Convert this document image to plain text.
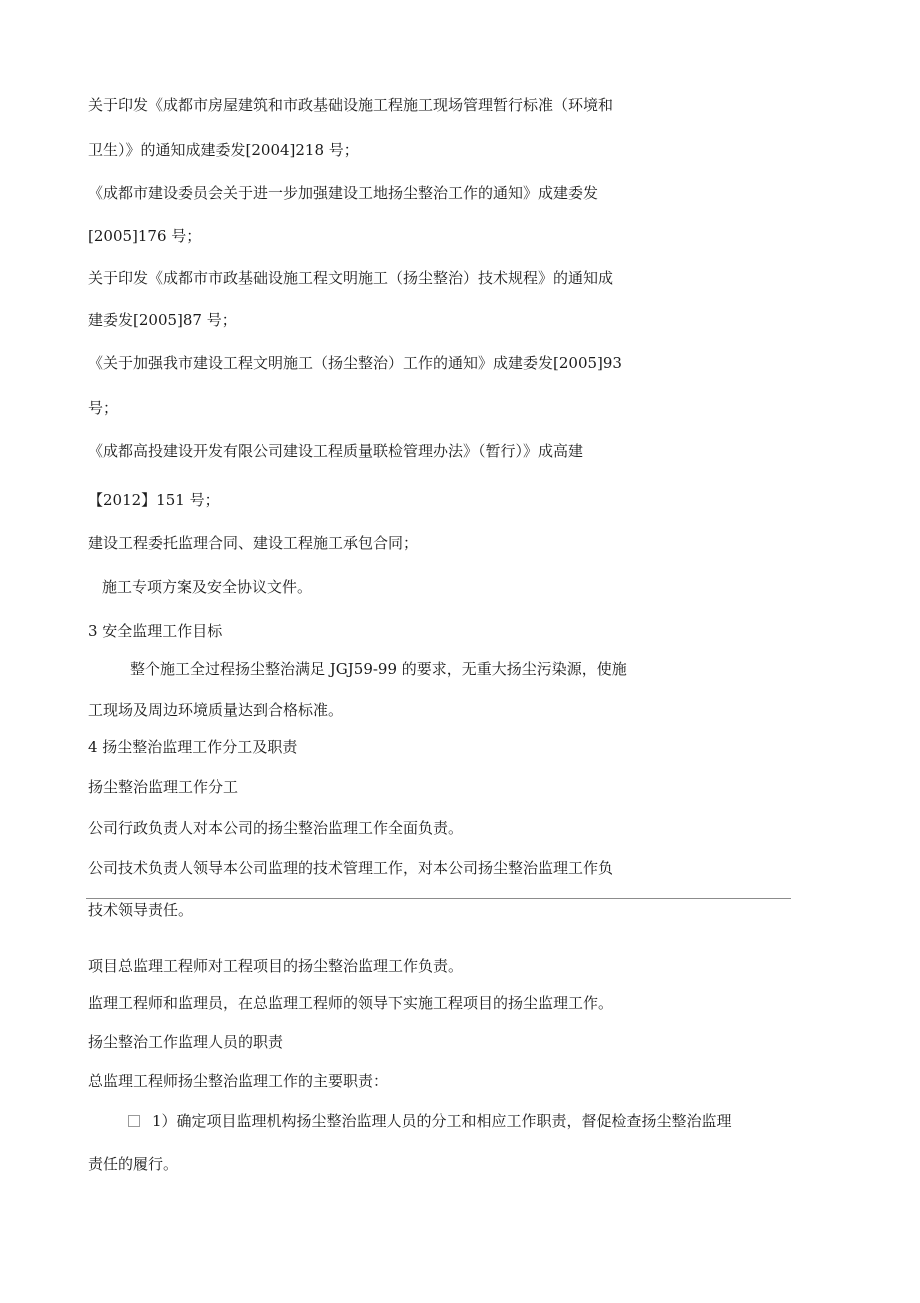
关于印发《成都市房屋建筑和市政基础设施工程施工现场管理暂行标准（环境和
卫生）》的通知成建委发[2004]218 号；
《成都市建设委员会关于进一步加强建设工地扬尘整治工作的通知》成建委发
[2005]176 号；
关于印发《成都市市政基础设施工程文明施工（扬尘整治）技术规程》的通知成
建委发[2005]87 号；
《关于加强我市建设工程文明施工（扬尘整治）工作的通知》成建委发[2005]93
号；
《成都高投建设开发有限公司建设工程质量联检管理办法》（暂行）》成高建
【2012】151 号；
建设工程委托监理合同、建设工程施工承包合同；
施工专项方案及安全协议文件。
3 安全监理工作目标
整个施工全过程扬尘整治满足 JGJ59-99 的要求，无重大扬尘污染源，使施
工现场及周边环境质量达到合格标准。
4 扬尘整治监理工作分工及职责
扬尘整治监理工作分工
公司行政负责人对本公司的扬尘整治监理工作全面负责。
公司技术负责人领导本公司监理的技术管理工作，对本公司扬尘整治监理工作负
技术领导责任。
项目总监理工程师对工程项目的扬尘整治监理工作负责。
监理工程师和监理员，在总监理工程师的领导下实施工程项目的扬尘监理工作。
扬尘整治工作监理人员的职责
总监理工程师扬尘整治监理工作的主要职责：
1）确定项目监理机构扬尘整治监理人员的分工和相应工作职责，督促检查扬尘整治监理
责任的履行。
